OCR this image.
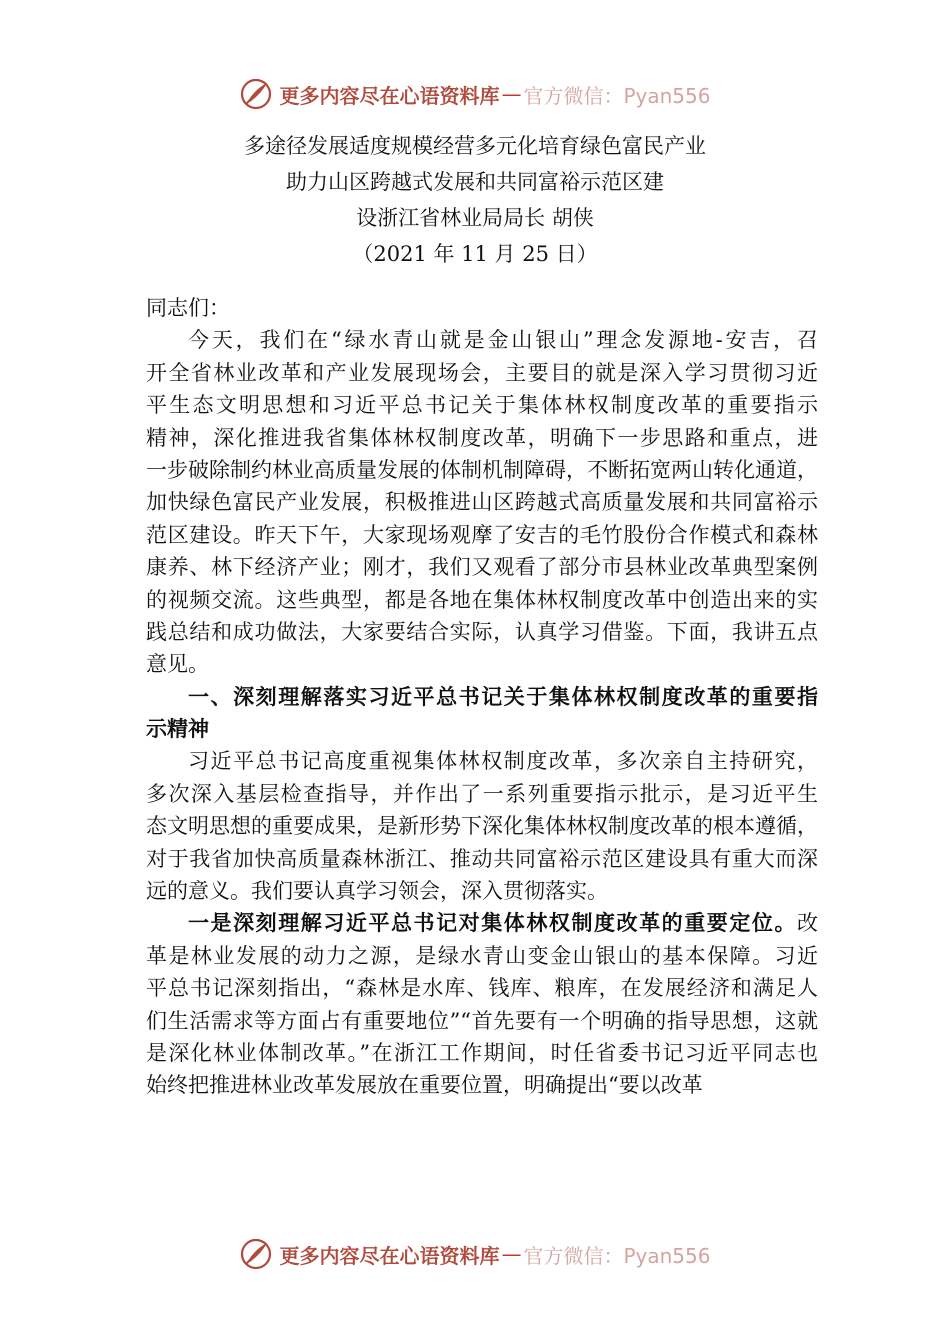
更多内容尽在心语资料库 — 官方微信：Pyan556
多途径发展适度规模经营多元化培育绿色富民产业
助力山区跨越式发展和共同富裕示范区建
设浙江省林业局局长 胡侠
（2021 年 11 月 25 日）
同志们：
今天，我们在“绿水青山就是金山银山”理念发源地-安吉，召
开全省林业改革和产业发展现场会，主要目的就是深入学习贯彻习近
平生态文明思想和习近平总书记关于集体林权制度改革的重要指示
精神，深化推进我省集体林权制度改革，明确下一步思路和重点，进
一步破除制约林业高质量发展的体制机制障碍，不断拓宽两山转化通道，
加快绿色富民产业发展，积极推进山区跨越式高质量发展和共同富裕示
范区建设。昨天下午，大家现场观摩了安吉的毛竹股份合作模式和森林
康养、林下经济产业；刚才，我们又观看了部分市县林业改革典型案例
的视频交流。这些典型，都是各地在集体林权制度改革中创造出来的实
践总结和成功做法，大家要结合实际，认真学习借鉴。下面，我讲五点
意见。
一、深刻理解落实习近平总书记关于集体林权制度改革的重要指
示精神
习近平总书记高度重视集体林权制度改革，多次亲自主持研究，
多次深入基层检查指导，并作出了一系列重要指示批示，是习近平生
态文明思想的重要成果，是新形势下深化集体林权制度改革的根本遵循，
对于我省加快高质量森林浙江、推动共同富裕示范区建设具有重大而深
远的意义。我们要认真学习领会，深入贯彻落实。
一是深刻理解习近平总书记对集体林权制度改革的重要定位。改
革是林业发展的动力之源，是绿水青山变金山银山的基本保障。习近
平总书记深刻指出，“森林是水库、钱库、粮库，在发展经济和满足人
们生活需求等方面占有重要地位”“首先要有一个明确的指导思想，这就
是深化林业体制改革。”在浙江工作期间，时任省委书记习近平同志也
始终把推进林业改革发展放在重要位置，明确提出“要以改革
更多内容尽在心语资料库 — 官方微信：Pyan556
